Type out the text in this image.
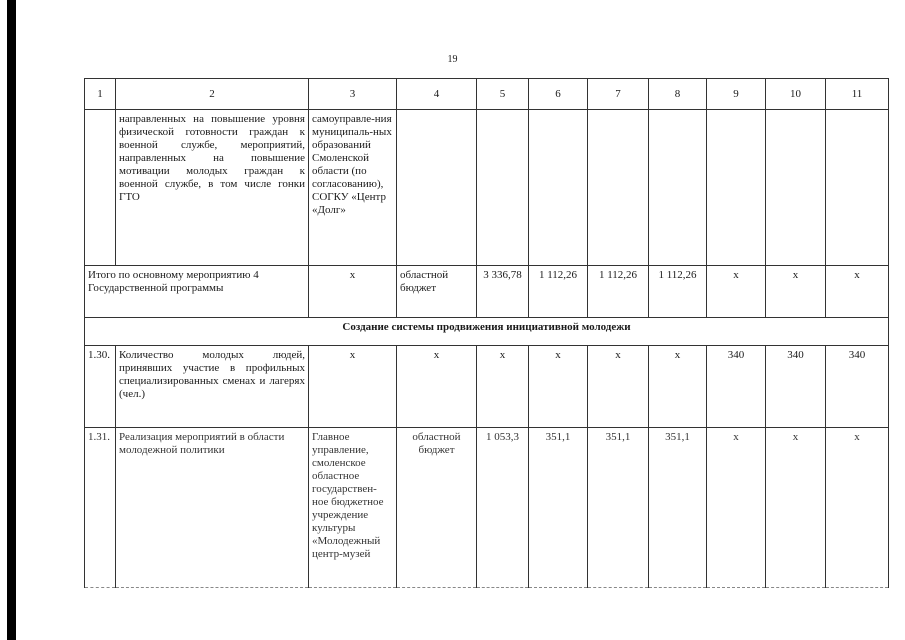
19
1	2	3	4	5	6	7	8	9	10	11
	направленных на повышение уровня физической готовности граждан к военной службе, мероприятий, направленных на повышение мотивации молодых граждан к военной службе, в том числе гонки ГТО	самоуправле-ния муниципаль-ных образований Смоленской области (по согласованию), СОГКУ «Центр «Долг»								
Итого по основному мероприятию 4 Государственной программы		х	областной бюджет	3 336,78	1 112,26	1 112,26	1 112,26	х	х	х
Создание системы продвижения инициативной молодежи										
1.30.	Количество молодых людей, принявших участие в профильных специализированных сменах и лагерях (чел.)	х	х	х	х	х	х	340	340	340
1.31.	Реализация мероприятий в области молодежной политики	Главное управление, смоленское областное государствен-ное бюджетное учреждение культуры «Молодежный центр-музей	областной бюджет	1 053,3	351,1	351,1	351,1	х	х	х
